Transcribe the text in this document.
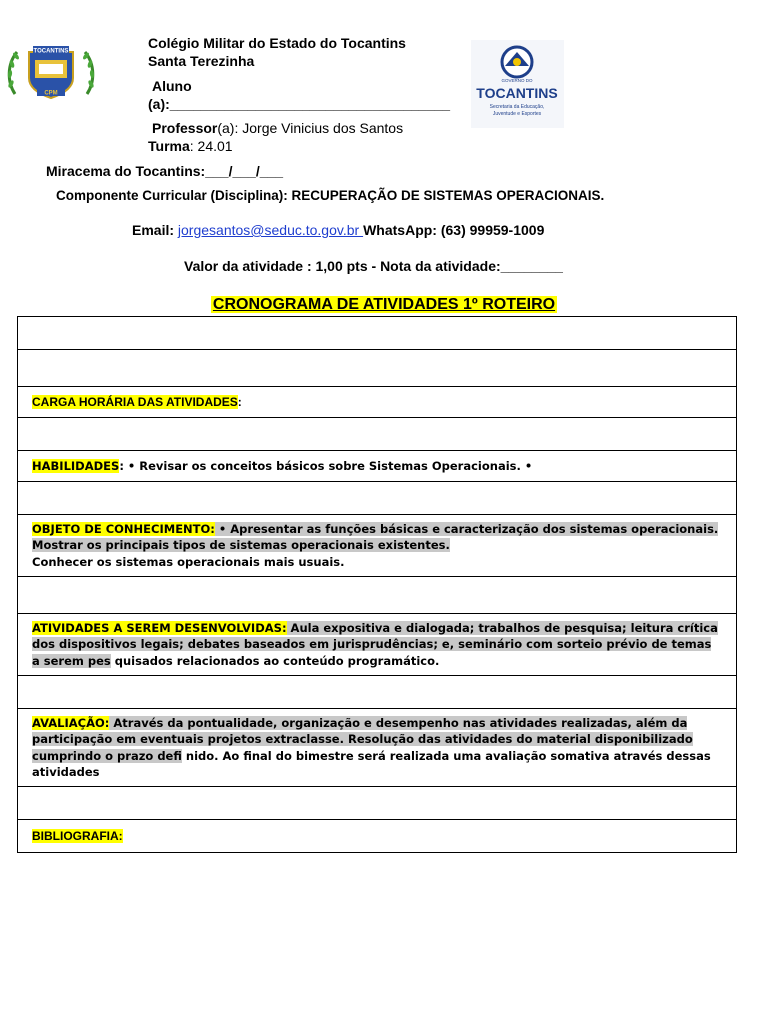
TOCANTINS
CPM
GOVERNO DO
TOCANTINS
Secretaria da Educação,
Juventude e Esportes
Colégio Militar do Estado do Tocantins
Santa Terezinha
Aluno
(a):____________________________________
Professor(a): Jorge Vinicius dos Santos
Turma: 24.01
Miracema do Tocantins:___/___/___
Componente Curricular (Disciplina): RECUPERAÇÃO DE SISTEMAS OPERACIONAIS.
Email: jorgesantos@seduc.to.gov.br WhatsApp: (63) 99959-1009
Valor da atividade : 1,00 pts - Nota da atividade:________
CRONOGRAMA DE ATIVIDADES 1º ROTEIRO

CARGA HORÁRIA DAS ATIVIDADES:

HABILIDADES: • Revisar os conceitos básicos sobre Sistemas Operacionais. •

OBJETO DE CONHECIMENTO: • Apresentar as funções básicas e caracterização dos sistemas operacionais. Mostrar os principais tipos de sistemas operacionais existentes.
Conhecer os sistemas operacionais mais usuais.

ATIVIDADES A SEREM DESENVOLVIDAS: Aula expositiva e dialogada; trabalhos de pesquisa; leitura crítica dos dispositivos legais; debates baseados em jurisprudências; e, seminário com sorteio prévio de temas a serem pes quisados relacionados ao conteúdo programático.

AVALIAÇÃO: Através da pontualidade, organização e desempenho nas atividades realizadas, além da participação em eventuais projetos extraclasse. Resolução das atividades do material disponibilizado cumprindo o prazo defi nido. Ao final do bimestre será realizada uma avaliação somativa através dessas atividades

BIBLIOGRAFIA:
